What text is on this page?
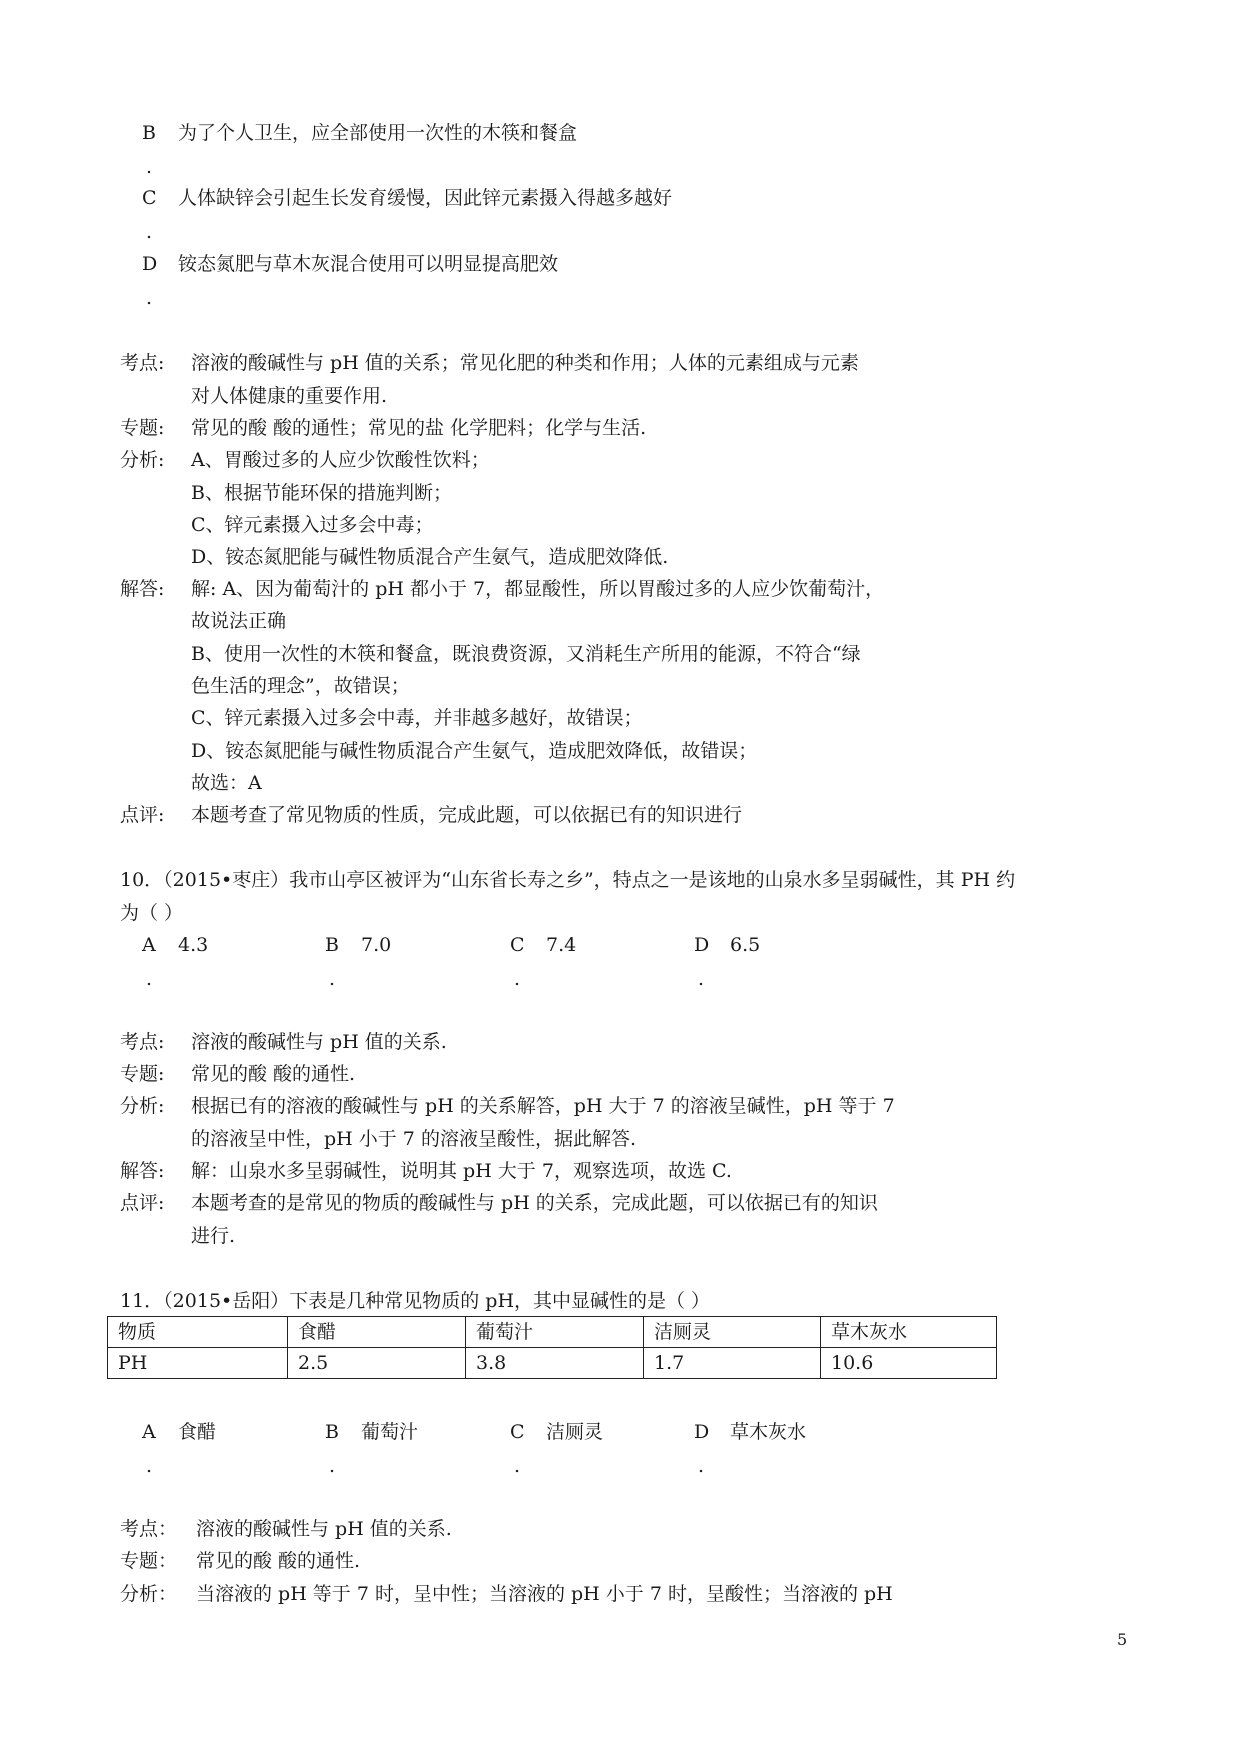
B 为了个人卫生，应全部使用一次性的木筷和餐盒
.
C 人体缺锌会引起生长发育缓慢，因此锌元素摄入得越多越好
.
D 铵态氮肥与草木灰混合使用可以明显提高肥效
.
考点: 溶液的酸碱性与 pH 值的关系；常见化肥的种类和作用；人体的元素组成与元素
对人体健康的重要作用.
专题: 常见的酸 酸的通性；常见的盐 化学肥料；化学与生活.
分析: A、胃酸过多的人应少饮酸性饮料；
B、根据节能环保的措施判断；
C、锌元素摄入过多会中毒；
D、铵态氮肥能与碱性物质混合产生氨气，造成肥效降低.
解答: 解: A、因为葡萄汁的 pH 都小于 7，都显酸性，所以胃酸过多的人应少饮葡萄汁，
故说法正确
B、使用一次性的木筷和餐盒，既浪费资源，又消耗生产所用的能源，不符合“绿
色生活的理念”，故错误；
C、锌元素摄入过多会中毒，并非越多越好，故错误；
D、铵态氮肥能与碱性物质混合产生氨气，造成肥效降低，故错误；
故选：A
点评: 本题考查了常见物质的性质，完成此题，可以依据已有的知识进行
10．（2015•枣庄）我市山亭区被评为“山东省长寿之乡”，特点之一是该地的山泉水多呈弱碱性，其 PH 约
为（ ）
A 4.3
.
B 7.0
.
C 7.4
.
D 6.5
.
考点: 溶液的酸碱性与 pH 值的关系.
专题: 常见的酸 酸的通性.
分析: 根据已有的溶液的酸碱性与 pH 的关系解答，pH 大于 7 的溶液呈碱性，pH 等于 7
的溶液呈中性，pH 小于 7 的溶液呈酸性，据此解答.
解答: 解：山泉水多呈弱碱性，说明其 pH 大于 7，观察选项，故选 C.
点评: 本题考查的是常见的物质的酸碱性与 pH 的关系，完成此题，可以依据已有的知识
进行.
11．（2015•岳阳）下表是几种常见物质的 pH，其中显碱性的是（ ）
物质	食醋	葡萄汁	洁厕灵	草木灰水
PH	2.5	3.8	1.7	10.6
A 食醋
.
B 葡萄汁
.
C 洁厕灵
.
D 草木灰水
.
考点： 溶液的酸碱性与 pH 值的关系.
专题： 常见的酸 酸的通性.
分析： 当溶液的 pH 等于 7 时，呈中性；当溶液的 pH 小于 7 时，呈酸性；当溶液的 pH
5
